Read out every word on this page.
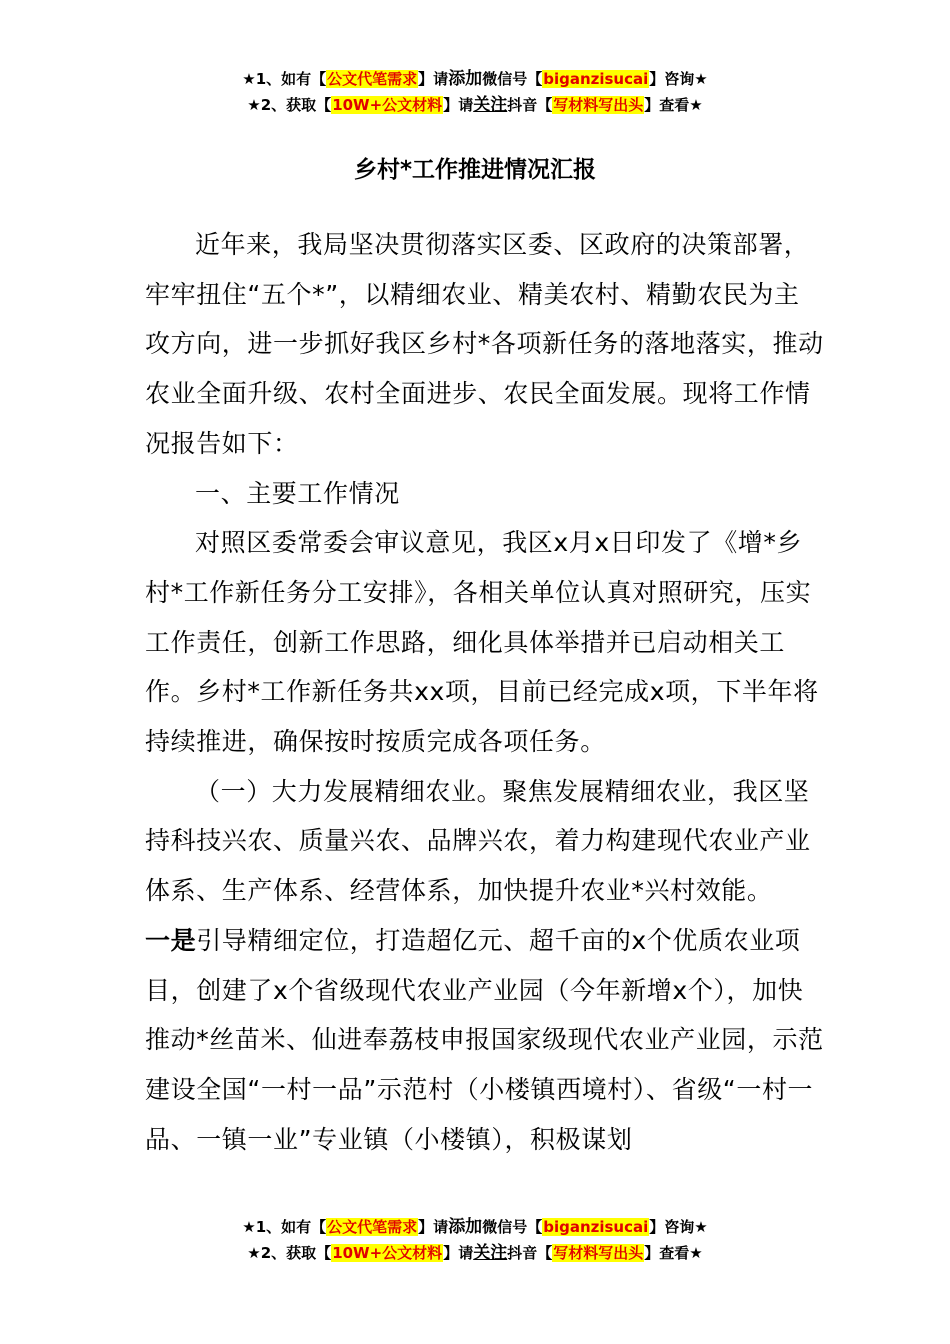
★1、如有【公文代笔需求】请添加微信号【biganzisucai】咨询★
★2、获取【10W+公文材料】请关注抖音【写材料写出头】查看★
乡村*工作推进情况汇报

近年来，我局坚决贯彻落实区委、区政府的决策部署，牢牢扭住“五个*”，以精细农业、精美农村、精勤农民为主攻方向，进一步抓好我区乡村*各项新任务的落地落实，推动农业全面升级、农村全面进步、农民全面发展。现将工作情况报告如下：

一、主要工作情况

对照区委常委会审议意见，我区x月x日印发了《增*乡村*工作新任务分工安排》，各相关单位认真对照研究，压实工作责任，创新工作思路，细化具体举措并已启动相关工作。乡村*工作新任务共xx项，目前已经完成x项，下半年将持续推进，确保按时按质完成各项任务。

（一）大力发展精细农业。聚焦发展精细农业，我区坚持科技兴农、质量兴农、品牌兴农，着力构建现代农业产业体系、生产体系、经营体系，加快提升农业*兴村效能。

一是引导精细定位，打造超亿元、超千亩的x个优质农业项目，创建了x个省级现代农业产业园（今年新增x个），加快推动*丝苗米、仙进奉荔枝申报国家级现代农业产业园，示范建设全国“一村一品”示范村（小楼镇西境村）、省级“一村一品、一镇一业”专业镇（小楼镇），积极谋划

★1、如有【公文代笔需求】请添加微信号【biganzisucai】咨询★
★2、获取【10W+公文材料】请关注抖音【写材料写出头】查看★
